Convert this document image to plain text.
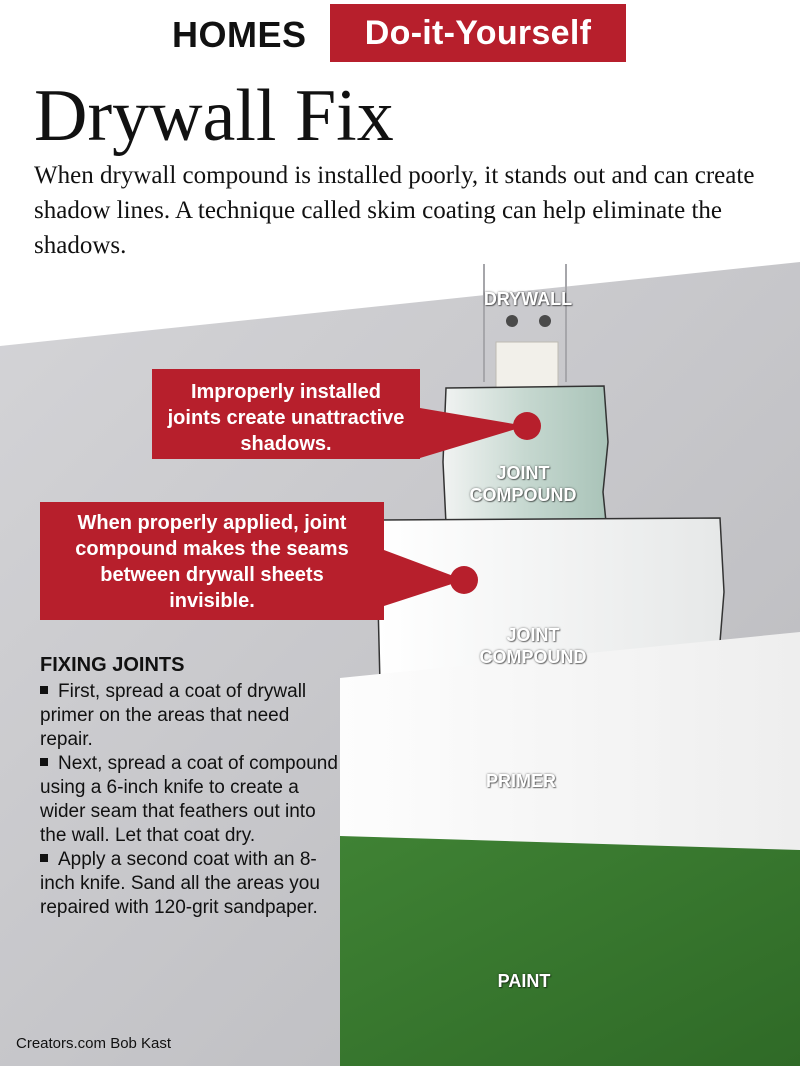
HOMES	Do-it-Yourself
Drywall Fix
When drywall compound is installed poorly, it stands out and can create shadow lines. A technique called skim coating can help eliminate the shadows.
DRYWALL
JOINT COMPOUND
JOINT COMPOUND
PRIMER
PAINT
Improperly installed joints create unattractive shadows.
When properly applied, joint compound makes the seams between drywall sheets invisible.
FIXING JOINTS
First, spread a coat of drywall primer on the areas that need repair.
Next, spread a coat of compound using a 6-inch knife to create a wider seam that feathers out into the wall. Let that coat dry.
Apply a second coat with an 8-inch knife. Sand all the areas you repaired with 120-grit sandpaper.
Creators.com Bob Kast
